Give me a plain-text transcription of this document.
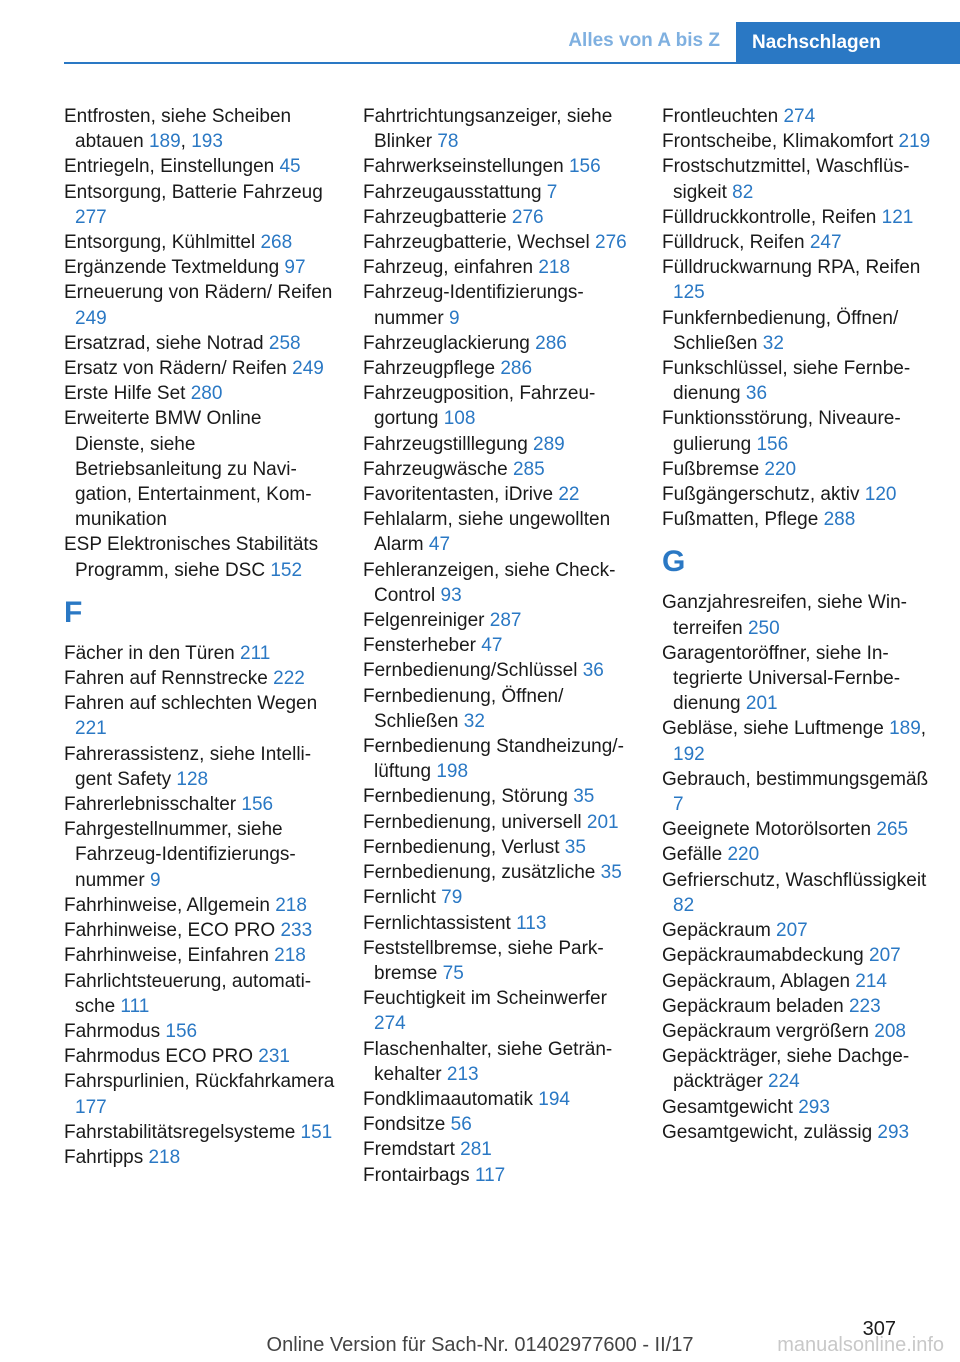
Alles von A bis Z	Nachschlagen
Entfrosten, siehe Scheiben abtauen 189, 193
Entriegeln, Einstellungen 45
Entsorgung, Batterie Fahrzeug 277
Entsorgung, Kühlmittel 268
Ergänzende Textmeldung 97
Erneuerung von Rädern/ Reifen 249
Ersatzrad, siehe Notrad 258
Ersatz von Rädern/ Reifen 249
Erste Hilfe Set 280
Erweiterte BMW Online Dienste, siehe Betriebsanleitung zu Navigation, Entertainment, Kommunikation
ESP Elektronisches Stabilitäts Programm, siehe DSC 152
F
Fächer in den Türen 211
Fahren auf Rennstrecke 222
Fahren auf schlechten Wegen 221
Fahrerassistenz, siehe Intelligent Safety 128
Fahrerlebnisschalter 156
Fahrgestellnummer, siehe Fahrzeug-Identifizierungsnummer 9
Fahrhinweise, Allgemein 218
Fahrhinweise, ECO PRO 233
Fahrhinweise, Einfahren 218
Fahrlichtsteuerung, automatische 111
Fahrmodus 156
Fahrmodus ECO PRO 231
Fahrspurlinien, Rückfahrkamera 177
Fahrstabilitätsregelsysteme 151
Fahrtipps 218
Fahrtrichtungsanzeiger, siehe Blinker 78
Fahrwerkseinstellungen 156
Fahrzeugausstattung 7
Fahrzeugbatterie 276
Fahrzeugbatterie, Wechsel 276
Fahrzeug, einfahren 218
Fahrzeug-Identifizierungsnummer 9
Fahrzeuglackierung 286
Fahrzeugpflege 286
Fahrzeugposition, Fahrzeugortung 108
Fahrzeugstilllegung 289
Fahrzeugwäsche 285
Favoritentasten, iDrive 22
Fehlalarm, siehe ungewollten Alarm 47
Fehleranzeigen, siehe Check-Control 93
Felgenreiniger 287
Fensterheber 47
Fernbedienung/Schlüssel 36
Fernbedienung, Öffnen/ Schließen 32
Fernbedienung Standheizung/-lüftung 198
Fernbedienung, Störung 35
Fernbedienung, universell 201
Fernbedienung, Verlust 35
Fernbedienung, zusätzliche 35
Fernlicht 79
Fernlichtassistent 113
Feststellbremse, siehe Parkbremse 75
Feuchtigkeit im Scheinwerfer 274
Flaschenhalter, siehe Getränkehalter 213
Fondklimaautomatik 194
Fondsitze 56
Fremdstart 281
Frontairbags 117
Frontleuchten 274
Frontscheibe, Klimakomfort 219
Frostschutzmittel, Waschflüssigkeit 82
Fülldruckkontrolle, Reifen 121
Fülldruck, Reifen 247
Fülldruckwarnung RPA, Reifen 125
Funkfernbedienung, Öffnen/ Schließen 32
Funkschlüssel, siehe Fernbedienung 36
Funktionsstörung, Niveauregulierung 156
Fußbremse 220
Fußgängerschutz, aktiv 120
Fußmatten, Pflege 288
G
Ganzjahresreifen, siehe Winterreifen 250
Garagentoröffner, siehe Integrierte Universal-Fernbedienung 201
Gebläse, siehe Luftmenge 189, 192
Gebrauch, bestimmungsgemäß 7
Geeignete Motorölsorten 265
Gefälle 220
Gefrierschutz, Waschflüssigkeit 82
Gepäckraum 207
Gepäckraumabdeckung 207
Gepäckraum, Ablagen 214
Gepäckraum beladen 223
Gepäckraum vergrößern 208
Gepäckträger, siehe Dachgepäckträger 224
Gesamtgewicht 293
Gesamtgewicht, zulässig 293
307
Online Version für Sach-Nr. 01402977600 - II/17	manualsonline.info
